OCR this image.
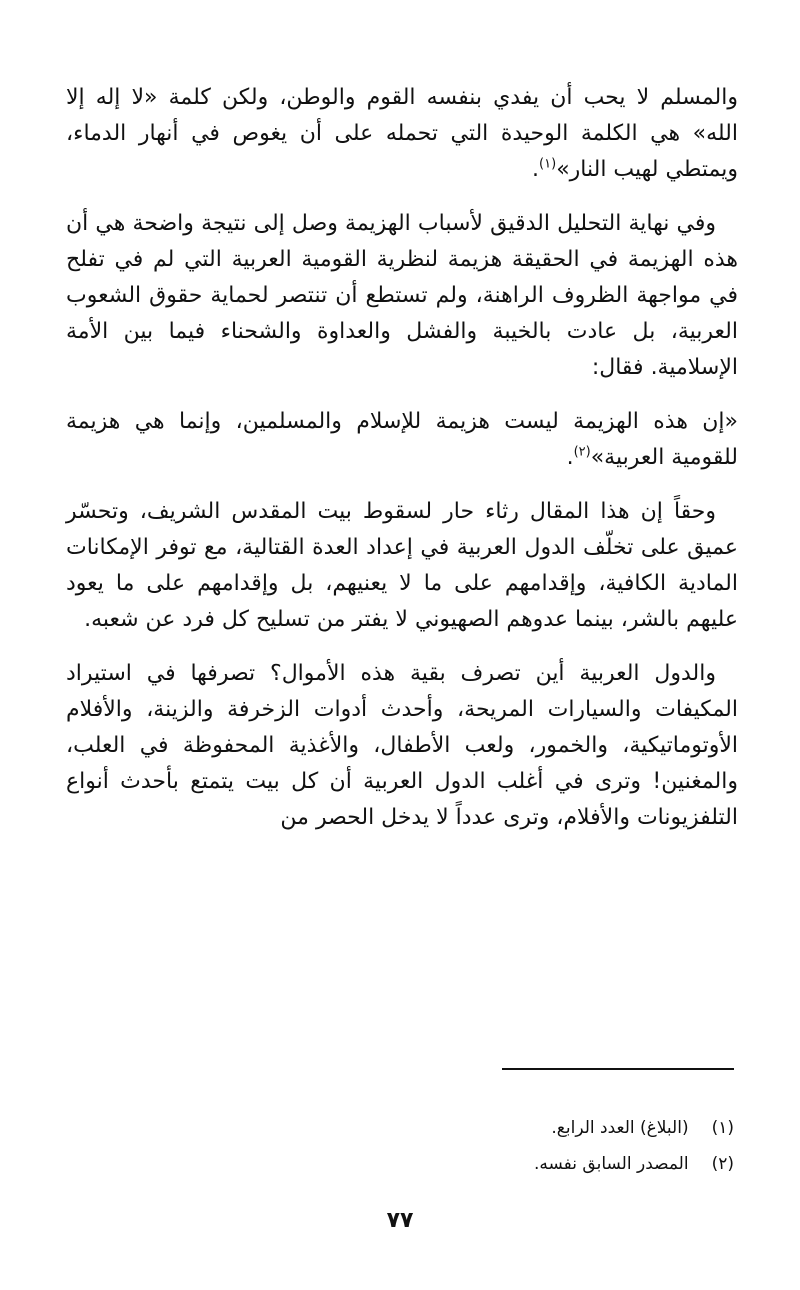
والمسلم لا يحب أن يفدي بنفسه القوم والوطن، ولكن كلمة «لا إله إلا الله» هي الكلمة الوحيدة التي تحمله على أن يغوص في أنهار الدماء، ويمتطي لهيب النار»$^{(١)}$.

وفي نهاية التحليل الدقيق لأسباب الهزيمة وصل إلى نتيجة واضحة هي أن هذه الهزيمة في الحقيقة هزيمة لنظرية القومية العربية التي لم في تفلح في مواجهة الظروف الراهنة، ولم تستطع أن تنتصر لحماية حقوق الشعوب العربية، بل عادت بالخيبة والفشل والعداوة والشحناء فيما بين الأمة الإسلامية. فقال:

«إن هذه الهزيمة ليست هزيمة للإسلام والمسلمين، وإنما هي هزيمة للقومية العربية»$^{(٢)}$.

وحقاً إن هذا المقال رثاء حار لسقوط بيت المقدس الشريف، وتحسّر عميق على تخلّف الدول العربية في إعداد العدة القتالية، مع توفر الإمكانات المادية الكافية، وإقدامهم على ما لا يعنيهم، بل وإقدامهم على ما يعود عليهم بالشر، بينما عدوهم الصهيوني لا يفتر من تسليح كل فرد عن شعبه.

والدول العربية أين تصرف بقية هذه الأموال؟ تصرفها في استيراد المكيفات والسيارات المريحة، وأحدث أدوات الزخرفة والزينة، والأفلام الأوتوماتيكية، والخمور، ولعب الأطفال، والأغذية المحفوظة في العلب، والمغنين! وترى في أغلب الدول العربية أن كل بيت يتمتع بأحدث أنواع التلفزيونات والأفلام، وترى عدداً لا يدخل الحصر من

(١) (البلاغ) العدد الرابع.
(٢) المصدر السابق نفسه.
٧٧
